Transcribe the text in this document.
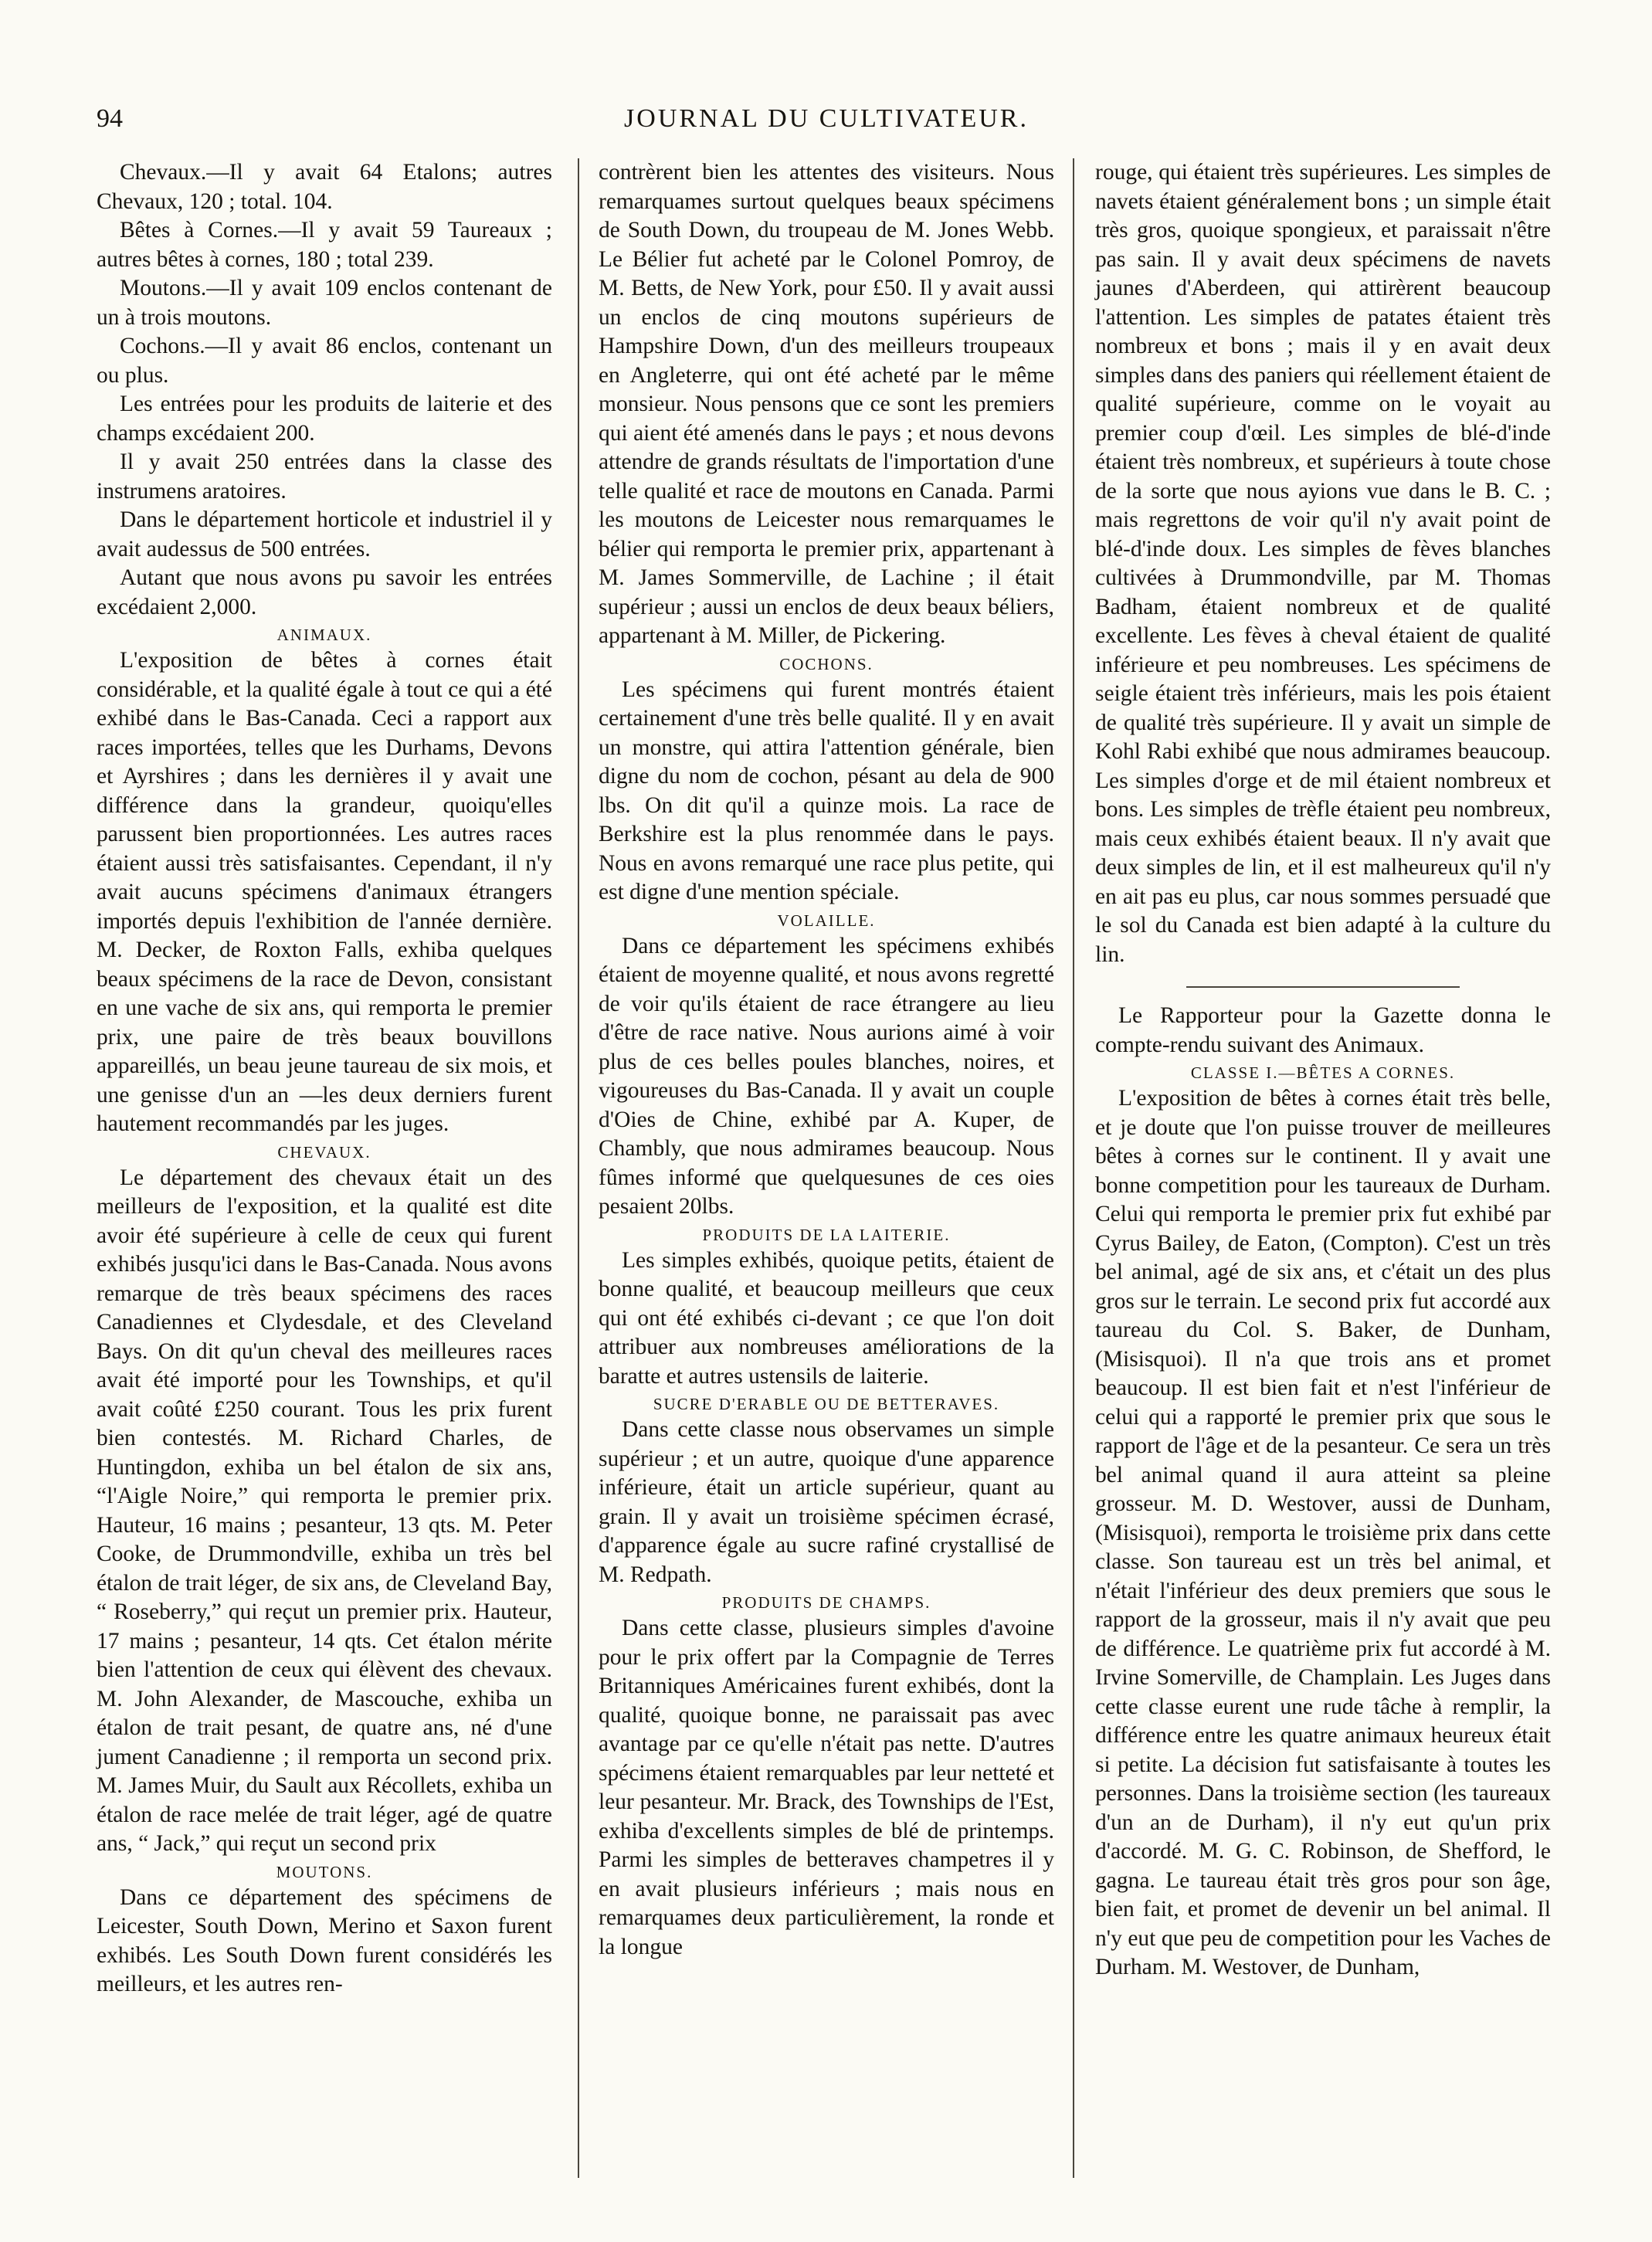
94	JOURNAL DU CULTIVATEUR.

Chevaux.—Il y avait 64 Etalons; autres Chevaux, 120 ; total. 104.

Bêtes à Cornes.—Il y avait 59 Taureaux ; autres bêtes à cornes, 180 ; total 239.

Moutons.—Il y avait 109 enclos contenant de un à trois moutons.

Cochons.—Il y avait 86 enclos, contenant un ou plus.

Les entrées pour les produits de laiterie et des champs excédaient 200.

Il y avait 250 entrées dans la classe des instrumens aratoires.

Dans le département horticole et industriel il y avait audessus de 500 entrées.

Autant que nous avons pu savoir les entrées excédaient 2,000.

ANIMAUX.

L'exposition de bêtes à cornes était considérable, et la qualité égale à tout ce qui a été exhibé dans le Bas-Canada. Ceci a rapport aux races importées, telles que les Durhams, Devons et Ayrshires ; dans les dernières il y avait une différence dans la grandeur, quoiqu'elles parussent bien proportionnées. Les autres races étaient aussi très satisfaisantes. Cependant, il n'y avait aucuns spécimens d'animaux étrangers importés depuis l'exhibition de l'année dernière. M. Decker, de Roxton Falls, exhiba quelques beaux spécimens de la race de Devon, consistant en une vache de six ans, qui remporta le premier prix, une paire de très beaux bouvillons appareillés, un beau jeune taureau de six mois, et une genisse d'un an —les deux derniers furent hautement recommandés par les juges.

CHEVAUX.

Le département des chevaux était un des meilleurs de l'exposition, et la qualité est dite avoir été supérieure à celle de ceux qui furent exhibés jusqu'ici dans le Bas-Canada. Nous avons remarque de très beaux spécimens des races Canadiennes et Clydesdale, et des Cleveland Bays. On dit qu'un cheval des meilleures races avait été importé pour les Townships, et qu'il avait coûté £250 courant. Tous les prix furent bien contestés. M. Richard Charles, de Huntingdon, exhiba un bel étalon de six ans, “l'Aigle Noire,” qui remporta le premier prix. Hauteur, 16 mains ; pesanteur, 13 qts. M. Peter Cooke, de Drummondville, exhiba un très bel étalon de trait léger, de six ans, de Cleveland Bay, “ Roseberry,” qui reçut un premier prix. Hauteur, 17 mains ; pesanteur, 14 qts. Cet étalon mérite bien l'attention de ceux qui élèvent des chevaux. M. John Alexander, de Mascouche, exhiba un étalon de trait pesant, de quatre ans, né d'une jument Canadienne ; il remporta un second prix. M. James Muir, du Sault aux Récollets, exhiba un étalon de race melée de trait léger, agé de quatre ans, “ Jack,” qui reçut un second prix

MOUTONS.

Dans ce département des spécimens de Leicester, South Down, Merino et Saxon furent exhibés. Les South Down furent considérés les meilleurs, et les autres ren-

contrèrent bien les attentes des visiteurs. Nous remarquames surtout quelques beaux spécimens de South Down, du troupeau de M. Jones Webb. Le Bélier fut acheté par le Colonel Pomroy, de M. Betts, de New York, pour £50. Il y avait aussi un enclos de cinq moutons supérieurs de Hampshire Down, d'un des meilleurs troupeaux en Angleterre, qui ont été acheté par le même monsieur. Nous pensons que ce sont les premiers qui aient été amenés dans le pays ; et nous devons attendre de grands résultats de l'importation d'une telle qualité et race de moutons en Canada. Parmi les moutons de Leicester nous remarquames le bélier qui remporta le premier prix, appartenant à M. James Sommerville, de Lachine ; il était supérieur ; aussi un enclos de deux beaux béliers, appartenant à M. Miller, de Pickering.

COCHONS.

Les spécimens qui furent montrés étaient certainement d'une très belle qualité. Il y en avait un monstre, qui attira l'attention générale, bien digne du nom de cochon, pésant au dela de 900 lbs. On dit qu'il a quinze mois. La race de Berkshire est la plus renommée dans le pays. Nous en avons remarqué une race plus petite, qui est digne d'une mention spéciale.

VOLAILLE.

Dans ce département les spécimens exhibés étaient de moyenne qualité, et nous avons regretté de voir qu'ils étaient de race étrangere au lieu d'être de race native. Nous aurions aimé à voir plus de ces belles poules blanches, noires, et vigoureuses du Bas-Canada. Il y avait un couple d'Oies de Chine, exhibé par A. Kuper, de Chambly, que nous admirames beaucoup. Nous fûmes informé que quelquesunes de ces oies pesaient 20lbs.

PRODUITS DE LA LAITERIE.

Les simples exhibés, quoique petits, étaient de bonne qualité, et beaucoup meilleurs que ceux qui ont été exhibés ci-devant ; ce que l'on doit attribuer aux nombreuses améliorations de la baratte et autres ustensils de laiterie.

SUCRE D'ERABLE OU DE BETTERAVES.

Dans cette classe nous observames un simple supérieur ; et un autre, quoique d'une apparence inférieure, était un article supérieur, quant au grain. Il y avait un troisième spécimen écrasé, d'apparence égale au sucre rafiné crystallisé de M. Redpath.

PRODUITS DE CHAMPS.

Dans cette classe, plusieurs simples d'avoine pour le prix offert par la Compagnie de Terres Britanniques Américaines furent exhibés, dont la qualité, quoique bonne, ne paraissait pas avec avantage par ce qu'elle n'était pas nette. D'autres spécimens étaient remarquables par leur netteté et leur pesanteur. Mr. Brack, des Townships de l'Est, exhiba d'excellents simples de blé de printemps. Parmi les simples de betteraves champetres il y en avait plusieurs inférieurs ; mais nous en remarquames deux particulièrement, la ronde et la longue

rouge, qui étaient très supérieures. Les simples de navets étaient généralement bons ; un simple était très gros, quoique spongieux, et paraissait n'être pas sain. Il y avait deux spécimens de navets jaunes d'Aberdeen, qui attirèrent beaucoup l'attention. Les simples de patates étaient très nombreux et bons ; mais il y en avait deux simples dans des paniers qui réellement étaient de qualité supérieure, comme on le voyait au premier coup d'œil. Les simples de blé-d'inde étaient très nombreux, et supérieurs à toute chose de la sorte que nous ayions vue dans le B. C. ; mais regrettons de voir qu'il n'y avait point de blé-d'inde doux. Les simples de fèves blanches cultivées à Drummondville, par M. Thomas Badham, étaient nombreux et de qualité excellente. Les fèves à cheval étaient de qualité inférieure et peu nombreuses. Les spécimens de seigle étaient très inférieurs, mais les pois étaient de qualité très supérieure. Il y avait un simple de Kohl Rabi exhibé que nous admirames beaucoup. Les simples d'orge et de mil étaient nombreux et bons. Les simples de trèfle étaient peu nombreux, mais ceux exhibés étaient beaux. Il n'y avait que deux simples de lin, et il est malheureux qu'il n'y en ait pas eu plus, car nous sommes persuadé que le sol du Canada est bien adapté à la culture du lin.

Le Rapporteur pour la Gazette donna le compte-rendu suivant des Animaux.

CLASSE I.—BÊTES A CORNES.

L'exposition de bêtes à cornes était très belle, et je doute que l'on puisse trouver de meilleures bêtes à cornes sur le continent. Il y avait une bonne competition pour les taureaux de Durham. Celui qui remporta le premier prix fut exhibé par Cyrus Bailey, de Eaton, (Compton). C'est un très bel animal, agé de six ans, et c'était un des plus gros sur le terrain. Le second prix fut accordé aux taureau du Col. S. Baker, de Dunham, (Misisquoi). Il n'a que trois ans et promet beaucoup. Il est bien fait et n'est l'inférieur de celui qui a rapporté le premier prix que sous le rapport de l'âge et de la pesanteur. Ce sera un très bel animal quand il aura atteint sa pleine grosseur. M. D. Westover, aussi de Dunham, (Misisquoi), remporta le troisième prix dans cette classe. Son taureau est un très bel animal, et n'était l'inférieur des deux premiers que sous le rapport de la grosseur, mais il n'y avait que peu de différence. Le quatrième prix fut accordé à M. Irvine Somerville, de Champlain. Les Juges dans cette classe eurent une rude tâche à remplir, la différence entre les quatre animaux heureux était si petite. La décision fut satisfaisante à toutes les personnes. Dans la troisième section (les taureaux d'un an de Durham), il n'y eut qu'un prix d'accordé. M. G. C. Robinson, de Shefford, le gagna. Le taureau était très gros pour son âge, bien fait, et promet de devenir un bel animal. Il n'y eut que peu de competition pour les Vaches de Durham. M. Westover, de Dunham,
